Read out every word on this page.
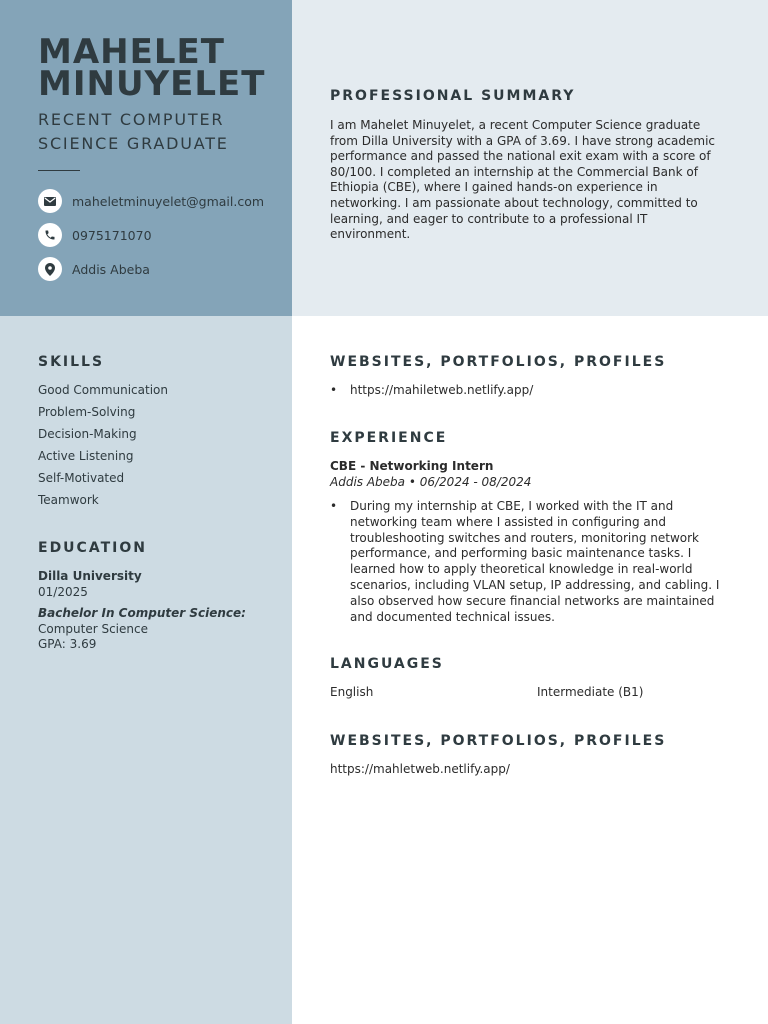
MAHELET
MINUYELET
RECENT COMPUTER
SCIENCE GRADUATE
maheletminuyelet@gmail.com
0975171070
Addis Abeba
PROFESSIONAL SUMMARY
I am Mahelet Minuyelet, a recent Computer Science graduate from Dilla University with a GPA of 3.69. I have strong academic performance and passed the national exit exam with a score of 80/100. I completed an internship at the Commercial Bank of Ethiopia (CBE), where I gained hands-on experience in networking. I am passionate about technology, committed to learning, and eager to contribute to a professional IT environment.
SKILLS
Good Communication
Problem-Solving
Decision-Making
Active Listening
Self-Motivated
Teamwork
EDUCATION
Dilla University
01/2025
Bachelor In Computer Science:
Computer Science
GPA: 3.69
WEBSITES, PORTFOLIOS, PROFILES
•	https://mahiletweb.netlify.app/
EXPERIENCE
CBE - Networking Intern
Addis Abeba • 06/2024 - 08/2024
•	During my internship at CBE, I worked with the IT and networking team where I assisted in configuring and troubleshooting switches and routers, monitoring network performance, and performing basic maintenance tasks. I learned how to apply theoretical knowledge in real-world scenarios, including VLAN setup, IP addressing, and cabling. I also observed how secure financial networks are maintained and documented technical issues.
LANGUAGES
English	Intermediate (B1)
WEBSITES, PORTFOLIOS, PROFILES
https://mahletweb.netlify.app/
